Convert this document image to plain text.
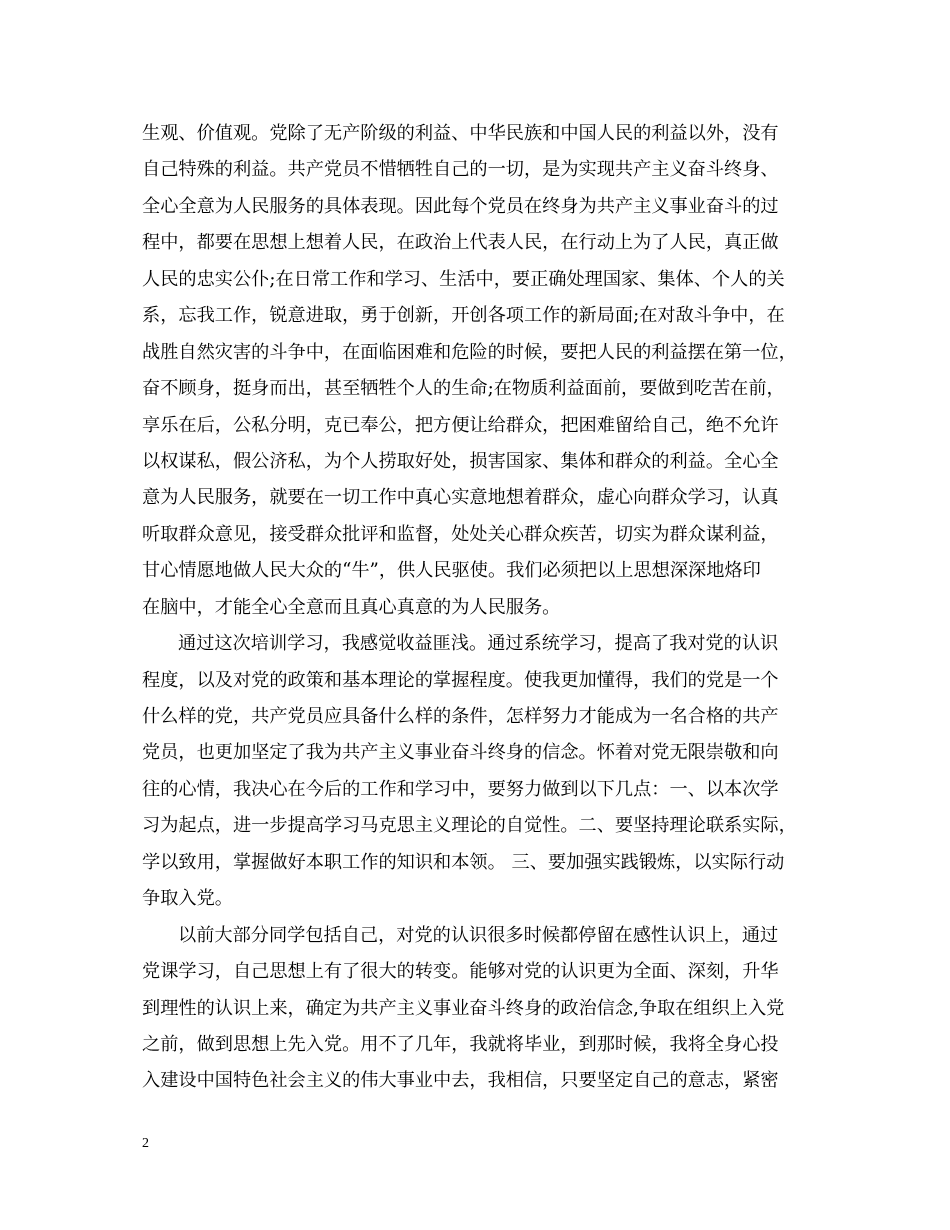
生观、价值观。党除了无产阶级的利益、中华民族和中国人民的利益以外，没有
自己特殊的利益。共产党员不惜牺牲自己的一切，是为实现共产主义奋斗终身、
全心全意为人民服务的具体表现。因此每个党员在终身为共产主义事业奋斗的过
程中，都要在思想上想着人民，在政治上代表人民，在行动上为了人民，真正做
人民的忠实公仆;在日常工作和学习、生活中，要正确处理国家、集体、个人的关
系，忘我工作，锐意进取，勇于创新，开创各项工作的新局面;在对敌斗争中，在
战胜自然灾害的斗争中，在面临困难和危险的时候，要把人民的利益摆在第一位，
奋不顾身，挺身而出，甚至牺牲个人的生命;在物质利益面前，要做到吃苦在前，
享乐在后，公私分明，克已奉公，把方便让给群众，把困难留给自己，绝不允许
以权谋私，假公济私，为个人捞取好处，损害国家、集体和群众的利益。全心全
意为人民服务，就要在一切工作中真心实意地想着群众，虚心向群众学习，认真
听取群众意见，接受群众批评和监督，处处关心群众疾苦，切实为群众谋利益，
甘心情愿地做人民大众的“牛”，供人民驱使。我们必须把以上思想深深地烙印
在脑中，才能全心全意而且真心真意的为人民服务。
通过这次培训学习，我感觉收益匪浅。通过系统学习，提高了我对党的认识
程度，以及对党的政策和基本理论的掌握程度。使我更加懂得，我们的党是一个
什么样的党，共产党员应具备什么样的条件，怎样努力才能成为一名合格的共产
党员，也更加坚定了我为共产主义事业奋斗终身的信念。怀着对党无限崇敬和向
往的心情，我决心在今后的工作和学习中，要努力做到以下几点：一、以本次学
习为起点，进一步提高学习马克思主义理论的自觉性。二、要坚持理论联系实际，
学以致用，掌握做好本职工作的知识和本领。 三、要加强实践锻炼，以实际行动
争取入党。
以前大部分同学包括自己，对党的认识很多时候都停留在感性认识上，通过
党课学习，自己思想上有了很大的转变。能够对党的认识更为全面、深刻，升华
到理性的认识上来，确定为共产主义事业奋斗终身的政治信念,争取在组织上入党
之前，做到思想上先入党。用不了几年，我就将毕业，到那时候，我将全身心投
入建设中国特色社会主义的伟大事业中去，我相信，只要坚定自己的意志，紧密
2
